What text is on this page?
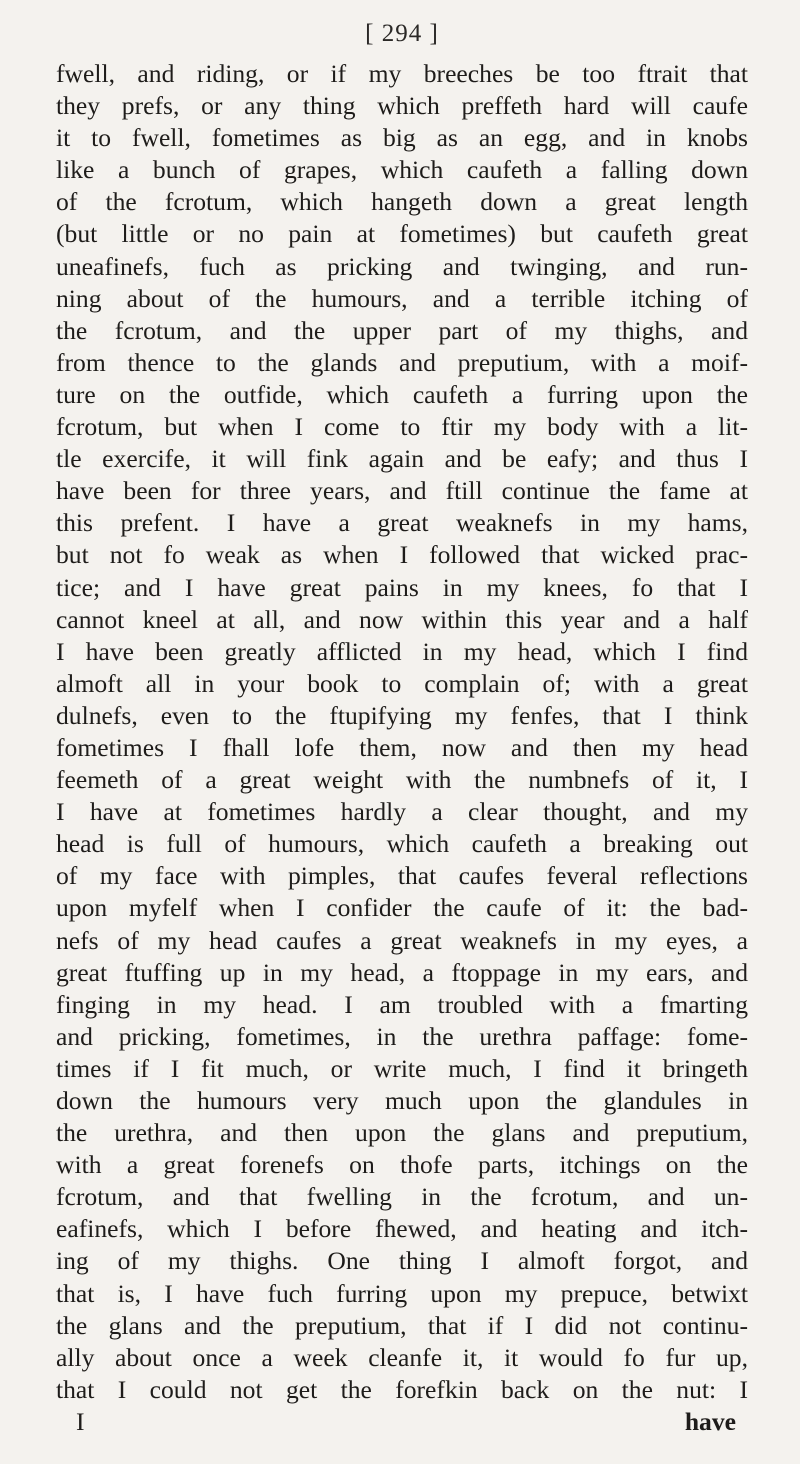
[ 294 ]
fwell, and riding, or if my breeches be too ftrait that
they prefs, or any thing which preffeth hard will caufe
it to fwell, fometimes as big as an egg, and in knobs
like a bunch of grapes, which caufeth a falling down
of the fcrotum, which hangeth down a great length
(but little or no pain at fometimes) but caufeth great
uneafinefs, fuch as pricking and twinging, and run-
ning about of the humours, and a terrible itching of
the fcrotum, and the upper part of my thighs, and
from thence to the glands and preputium, with a moif-
ture on the outfide, which caufeth a furring upon the
fcrotum, but when I come to ftir my body with a lit-
tle exercife, it will fink again and be eafy; and thus I
have been for three years, and ftill continue the fame at
this prefent. I have a great weaknefs in my hams,
but not fo weak as when I followed that wicked prac-
tice; and I have great pains in my knees, fo that I
cannot kneel at all, and now within this year and a half
I have been greatly afflicted in my head, which I find
almoft all in your book to complain of; with a great
dulnefs, even to the ftupifying my fenfes, that I think
fometimes I fhall lofe them, now and then my head
feemeth of a great weight with the numbnefs of it, I
I have at fometimes hardly a clear thought, and my
head is full of humours, which caufeth a breaking out
of my face with pimples, that caufes feveral reflections
upon myfelf when I confider the caufe of it: the bad-
nefs of my head caufes a great weaknefs in my eyes, a
great ftuffing up in my head, a ftoppage in my ears, and
finging in my head. I am troubled with a fmarting
and pricking, fometimes, in the urethra paffage: fome-
times if I fit much, or write much, I find it bringeth
down the humours very much upon the glandules in
the urethra, and then upon the glans and preputium,
with a great forenefs on thofe parts, itchings on the
fcrotum, and that fwelling in the fcrotum, and un-
eafinefs, which I before fhewed, and heating and itch-
ing of my thighs. One thing I almoft forgot, and
that is, I have fuch furring upon my prepuce, betwixt
the glans and the preputium, that if I did not continu-
ally about once a week cleanfe it, it would fo fur up,
that I could not get the forefkin back on the nut: I
I	have
